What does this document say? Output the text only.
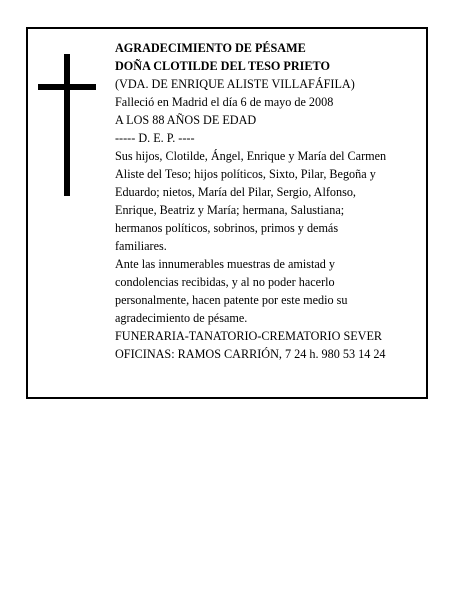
AGRADECIMIENTO DE PÉSAME
DOÑA CLOTILDE DEL TESO PRIETO
(VDA. DE ENRIQUE ALISTE VILLAFÁFILA)
Falleció en Madrid el día 6 de mayo de 2008
A LOS 88 AÑOS DE EDAD
----- D. E. P. ----
Sus hijos, Clotilde, Ángel, Enrique y María del Carmen
Aliste del Teso; hijos políticos, Sixto, Pilar, Begoña y
Eduardo; nietos, María del Pilar, Sergio, Alfonso,
Enrique, Beatriz y María; hermana, Salustiana;
hermanos políticos, sobrinos, primos y demás
familiares.
Ante las innumerables muestras de amistad y
condolencias recibidas, y al no poder hacerlo
personalmente, hacen patente por este medio su
agradecimiento de pésame.
FUNERARIA-TANATORIO-CREMATORIO SEVER
OFICINAS: RAMOS CARRIÓN, 7 24 h. 980 53 14 24
